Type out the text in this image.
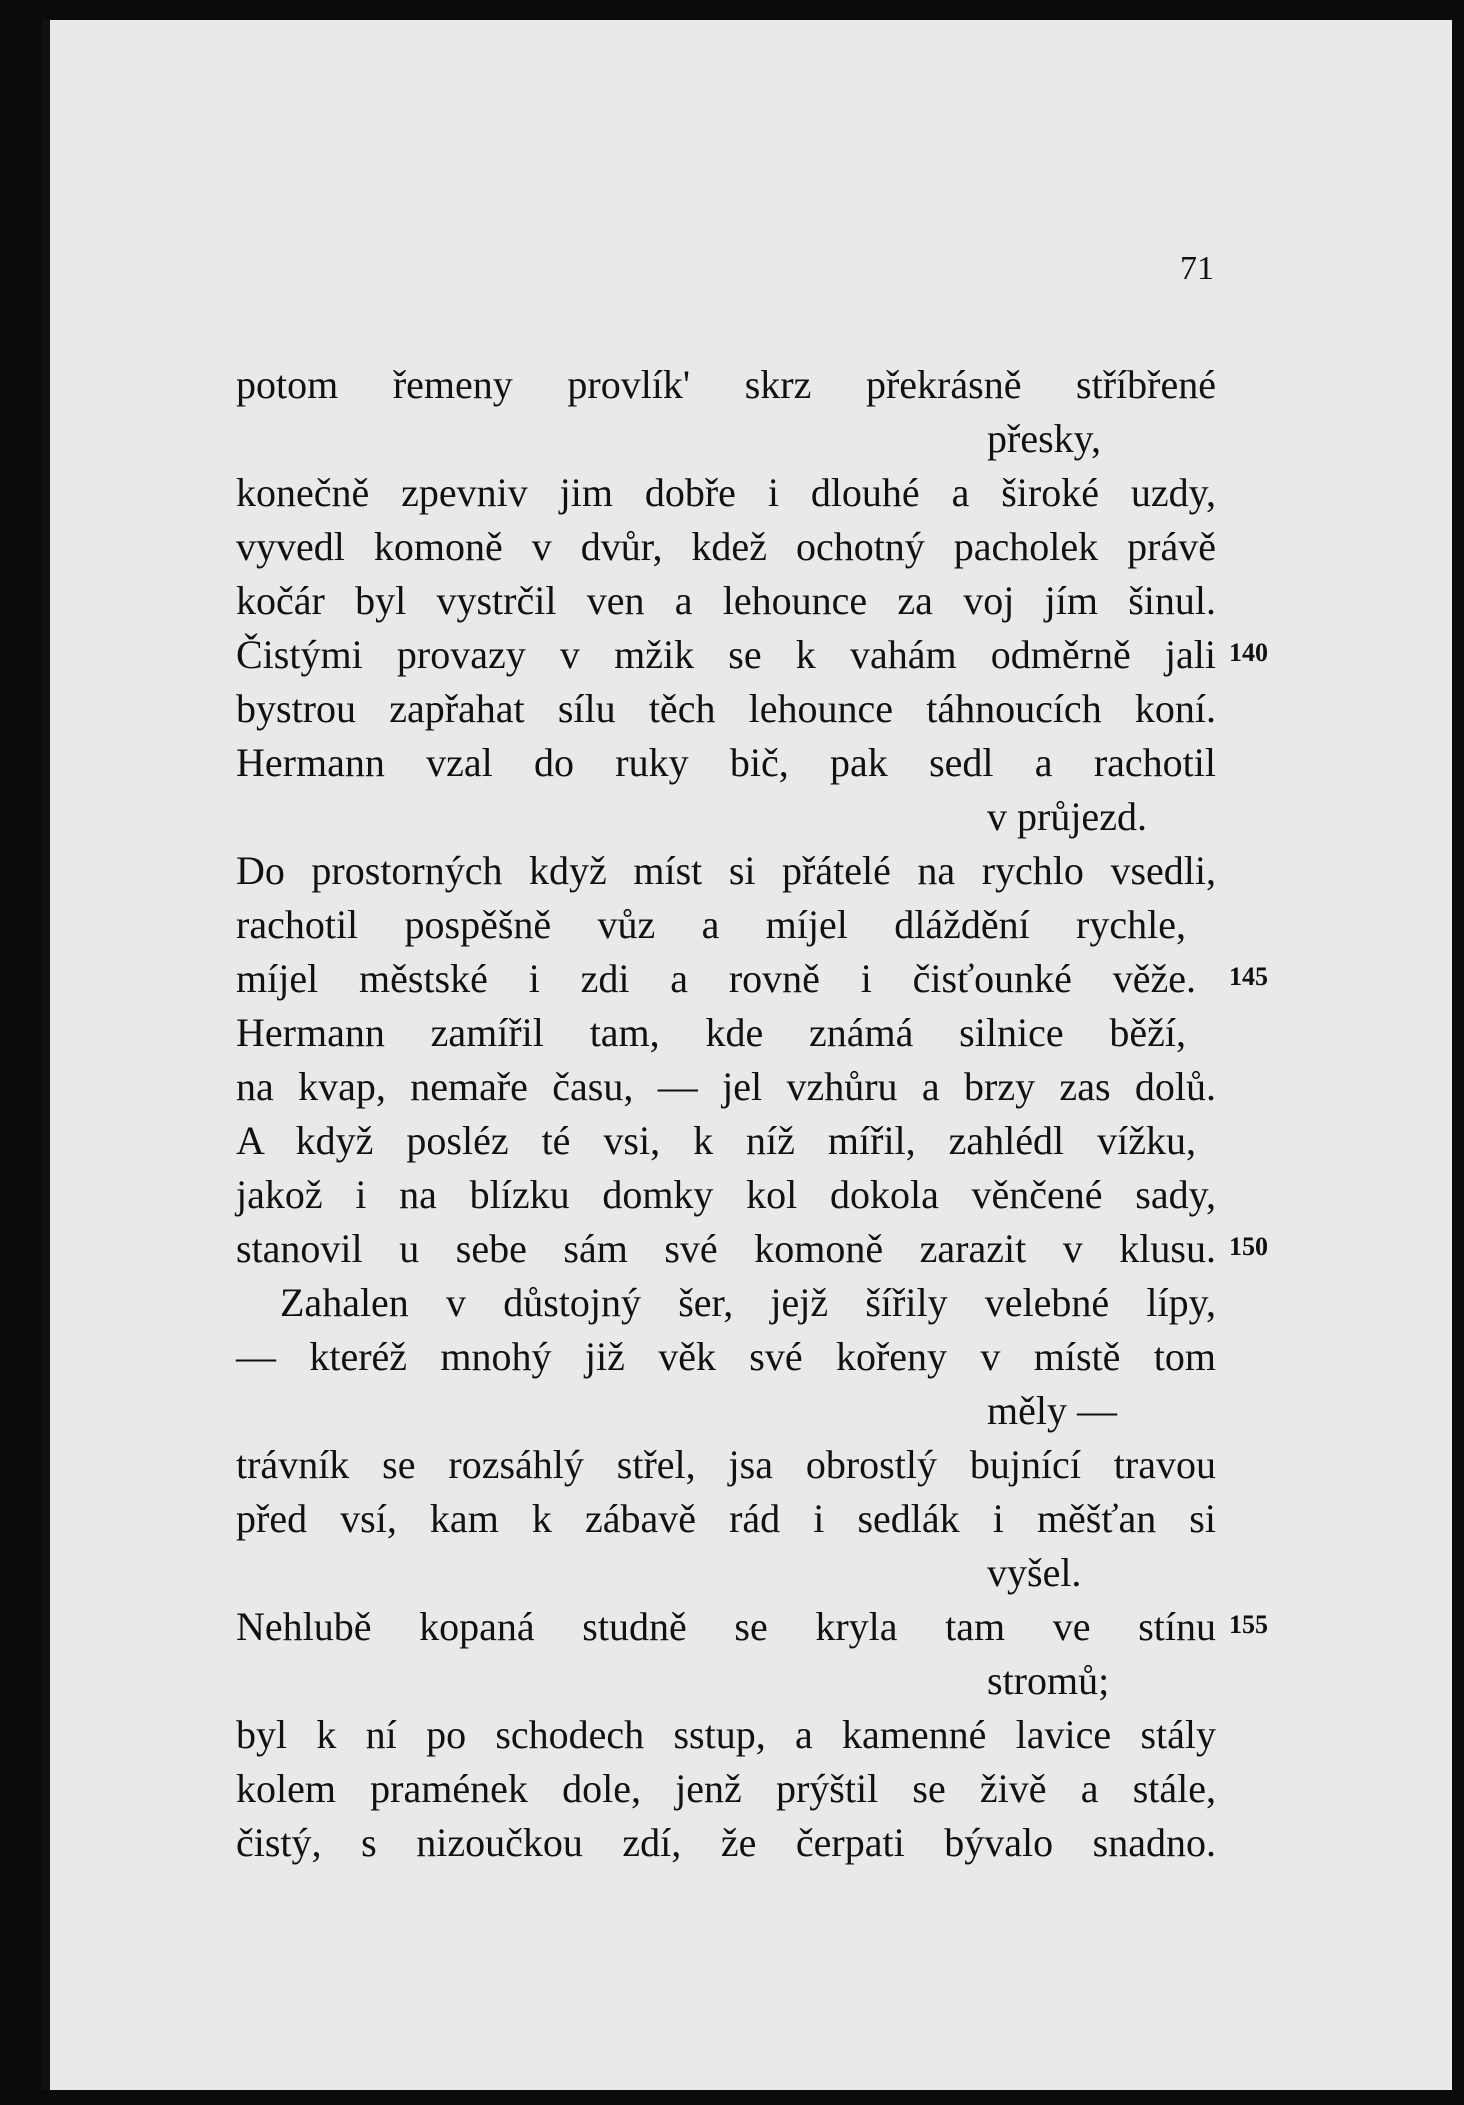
71
potom řemeny provlík' skrz překrásně stříbřené
přesky,
konečně zpevniv jim dobře i dlouhé a široké uzdy,
vyvedl komoně v dvůr, kdež ochotný pacholek právě
kočár byl vystrčil ven a lehounce za voj jím šinul.
Čistými provazy v mžik se k vahám odměrně jali
bystrou zapřahat sílu těch lehounce táhnoucích koní.
Hermann vzal do ruky bič, pak sedl a rachotil
v průjezd.
Do prostorných když míst si přátelé na rychlo vsedli,
rachotil pospěšně vůz a míjel dláždění rychle,
míjel městské i zdi a rovně i čisťounké věže.
Hermann zamířil tam, kde známá silnice běží,
na kvap, nemaře času, — jel vzhůru a brzy zas dolů.
A když posléz té vsi, k níž mířil, zahlédl vížku,
jakož i na blízku domky kol dokola věnčené sady,
stanovil u sebe sám své komoně zarazit v klusu.
Zahalen v důstojný šer, jejž šířily velebné lípy,
— kteréž mnohý již věk své kořeny v místě tom
měly —
trávník se rozsáhlý střel, jsa obrostlý bujnící travou
před vsí, kam k zábavě rád i sedlák i měšťan si
vyšel.
Nehlubě kopaná studně se kryla tam ve stínu
stromů;
byl k ní po schodech sstup, a kamenné lavice stály
kolem pramének dole, jenž prýštil se živě a stále,
čistý, s nizoučkou zdí, že čerpati bývalo snadno.
140
145
150
155
